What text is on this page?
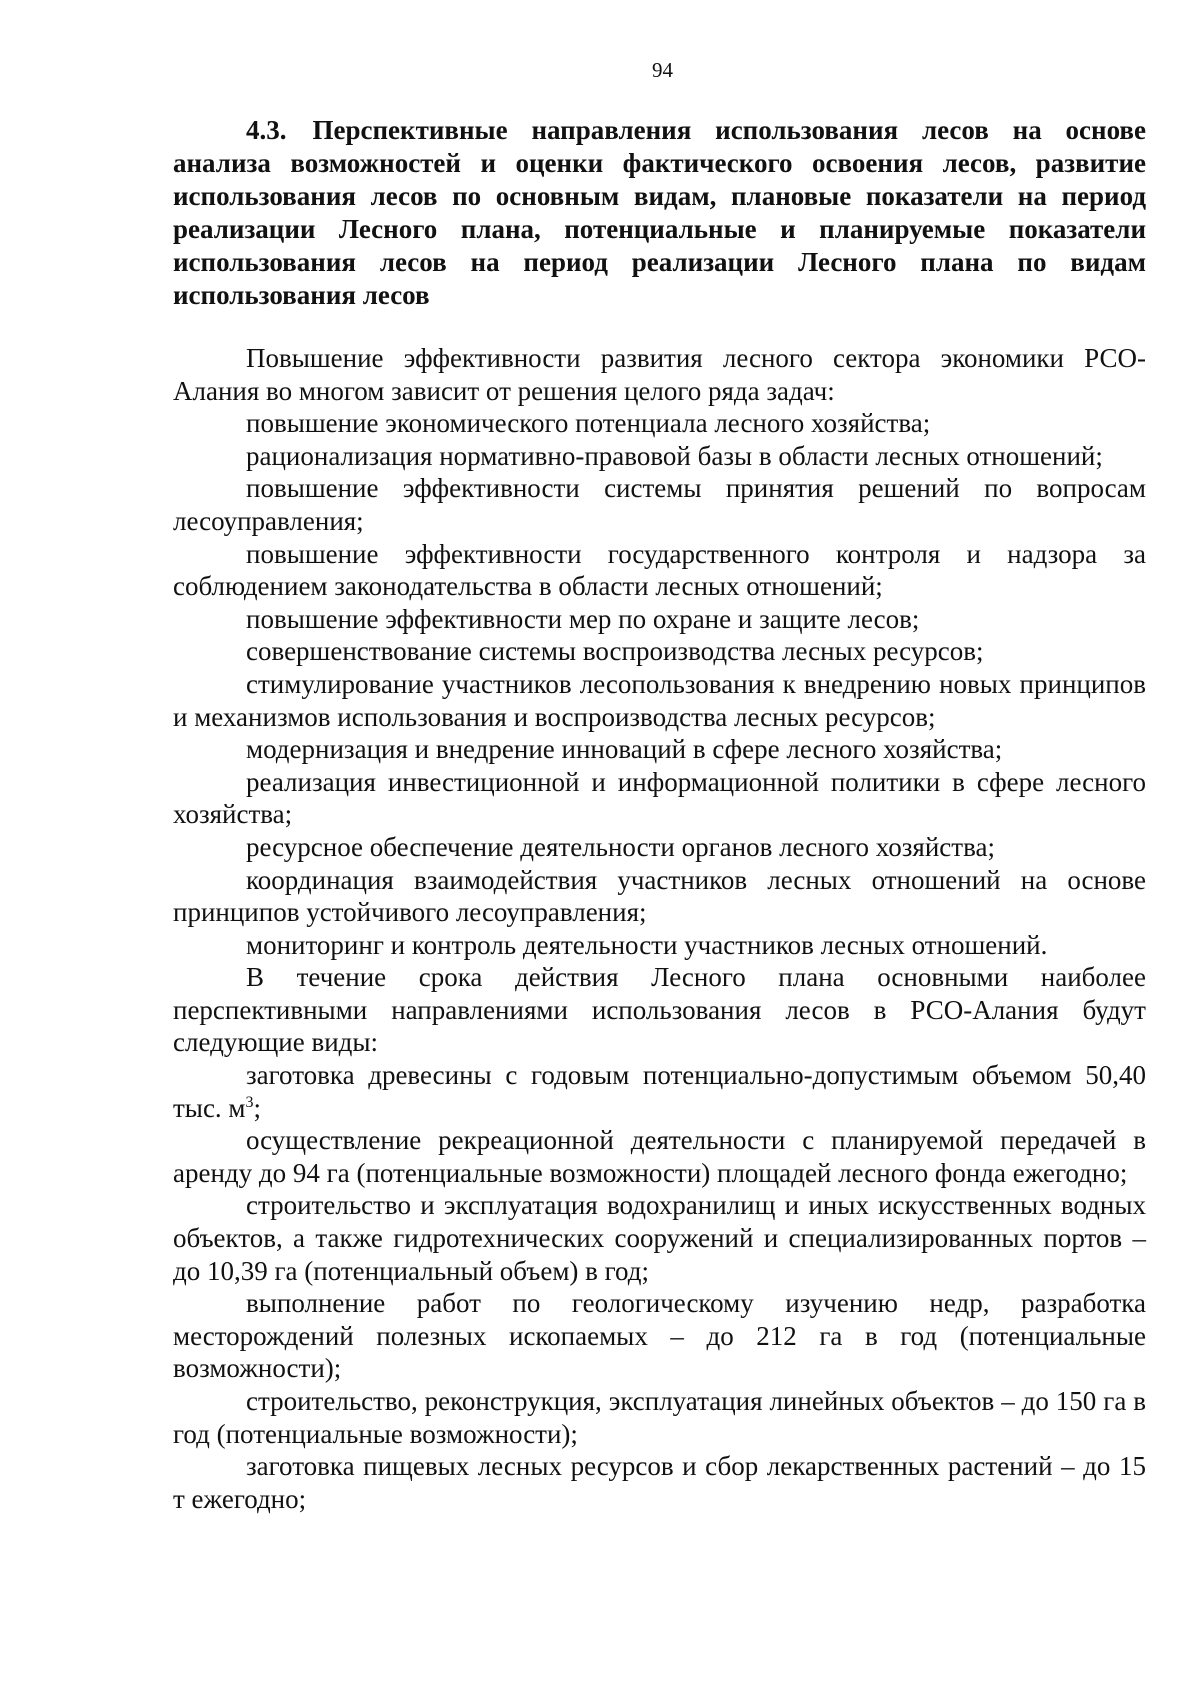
94
4.3. Перспективные направления использования лесов на основе анализа возможностей и оценки фактического освоения лесов, развитие использования лесов по основным видам, плановые показатели на период реализации Лесного плана, потенциальные и планируемые показатели использования лесов на период реализации Лесного плана по видам использования лесов

Повышение эффективности развития лесного сектора экономики РСО-Алания во многом зависит от решения целого ряда задач:

повышение экономического потенциала лесного хозяйства;

рационализация нормативно-правовой базы в области лесных отношений;

повышение эффективности системы принятия решений по вопросам лесоуправления;

повышение эффективности государственного контроля и надзора за соблюдением законодательства в области лесных отношений;

повышение эффективности мер по охране и защите лесов;

совершенствование системы воспроизводства лесных ресурсов;

стимулирование участников лесопользования к внедрению новых принципов и механизмов использования и воспроизводства лесных ресурсов;

модернизация и внедрение инноваций в сфере лесного хозяйства;

реализация инвестиционной и информационной политики в сфере лесного хозяйства;

ресурсное обеспечение деятельности органов лесного хозяйства;

координация взаимодействия участников лесных отношений на основе принципов устойчивого лесоуправления;

мониторинг и контроль деятельности участников лесных отношений.

В течение срока действия Лесного плана основными наиболее перспективными направлениями использования лесов в РСО-Алания будут следующие виды:

заготовка древесины с годовым потенциально-допустимым объемом 50,40 тыс. $м^3$;

осуществление рекреационной деятельности с планируемой передачей в аренду до 94 га (потенциальные возможности) площадей лесного фонда ежегодно;

строительство и эксплуатация водохранилищ и иных искусственных водных объектов, а также гидротехнических сооружений и специализированных портов – до 10,39 га (потенциальный объем) в год;

выполнение работ по геологическому изучению недр, разработка месторождений полезных ископаемых – до 212 га в год (потенциальные возможности);

строительство, реконструкция, эксплуатация линейных объектов – до 150 га в год (потенциальные возможности);

заготовка пищевых лесных ресурсов и сбор лекарственных растений – до 15 т ежегодно;
